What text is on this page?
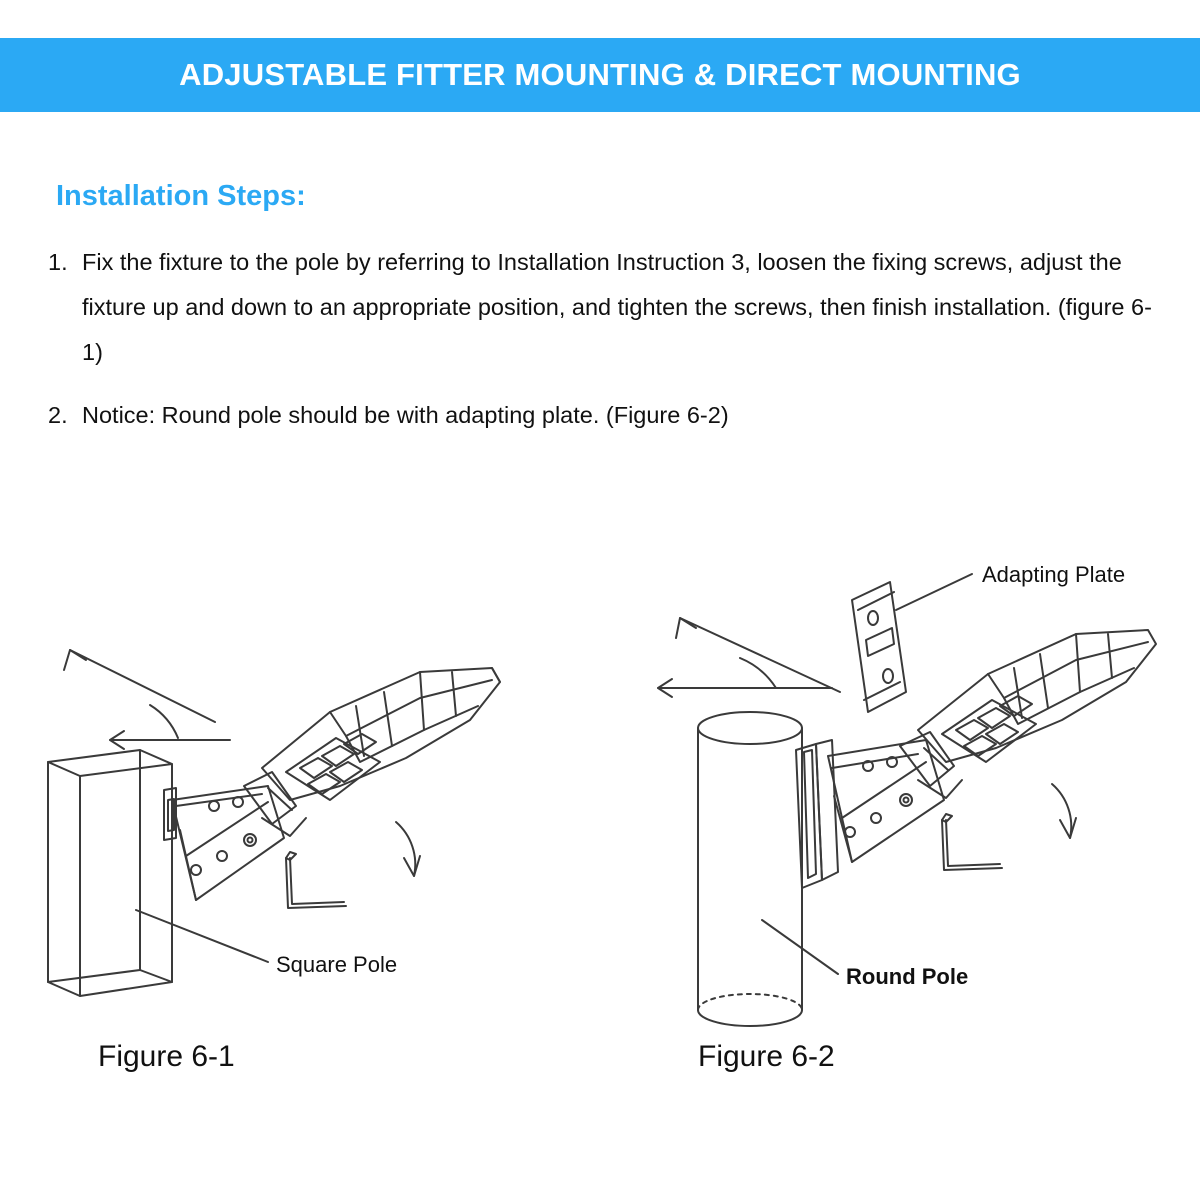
ADJUSTABLE FITTER MOUNTING & DIRECT MOUNTING
Installation Steps:
1. Fix the fixture to the pole by referring to Installation Instruction 3, loosen the fixing screws, adjust the fixture up and down to an appropriate position, and tighten the screws, then finish installation. (figure 6-1)
2. Notice: Round pole should be with adapting plate. (Figure 6-2)
Square Pole
Figure 6-1
Adapting Plate
Round Pole
Figure 6-2
